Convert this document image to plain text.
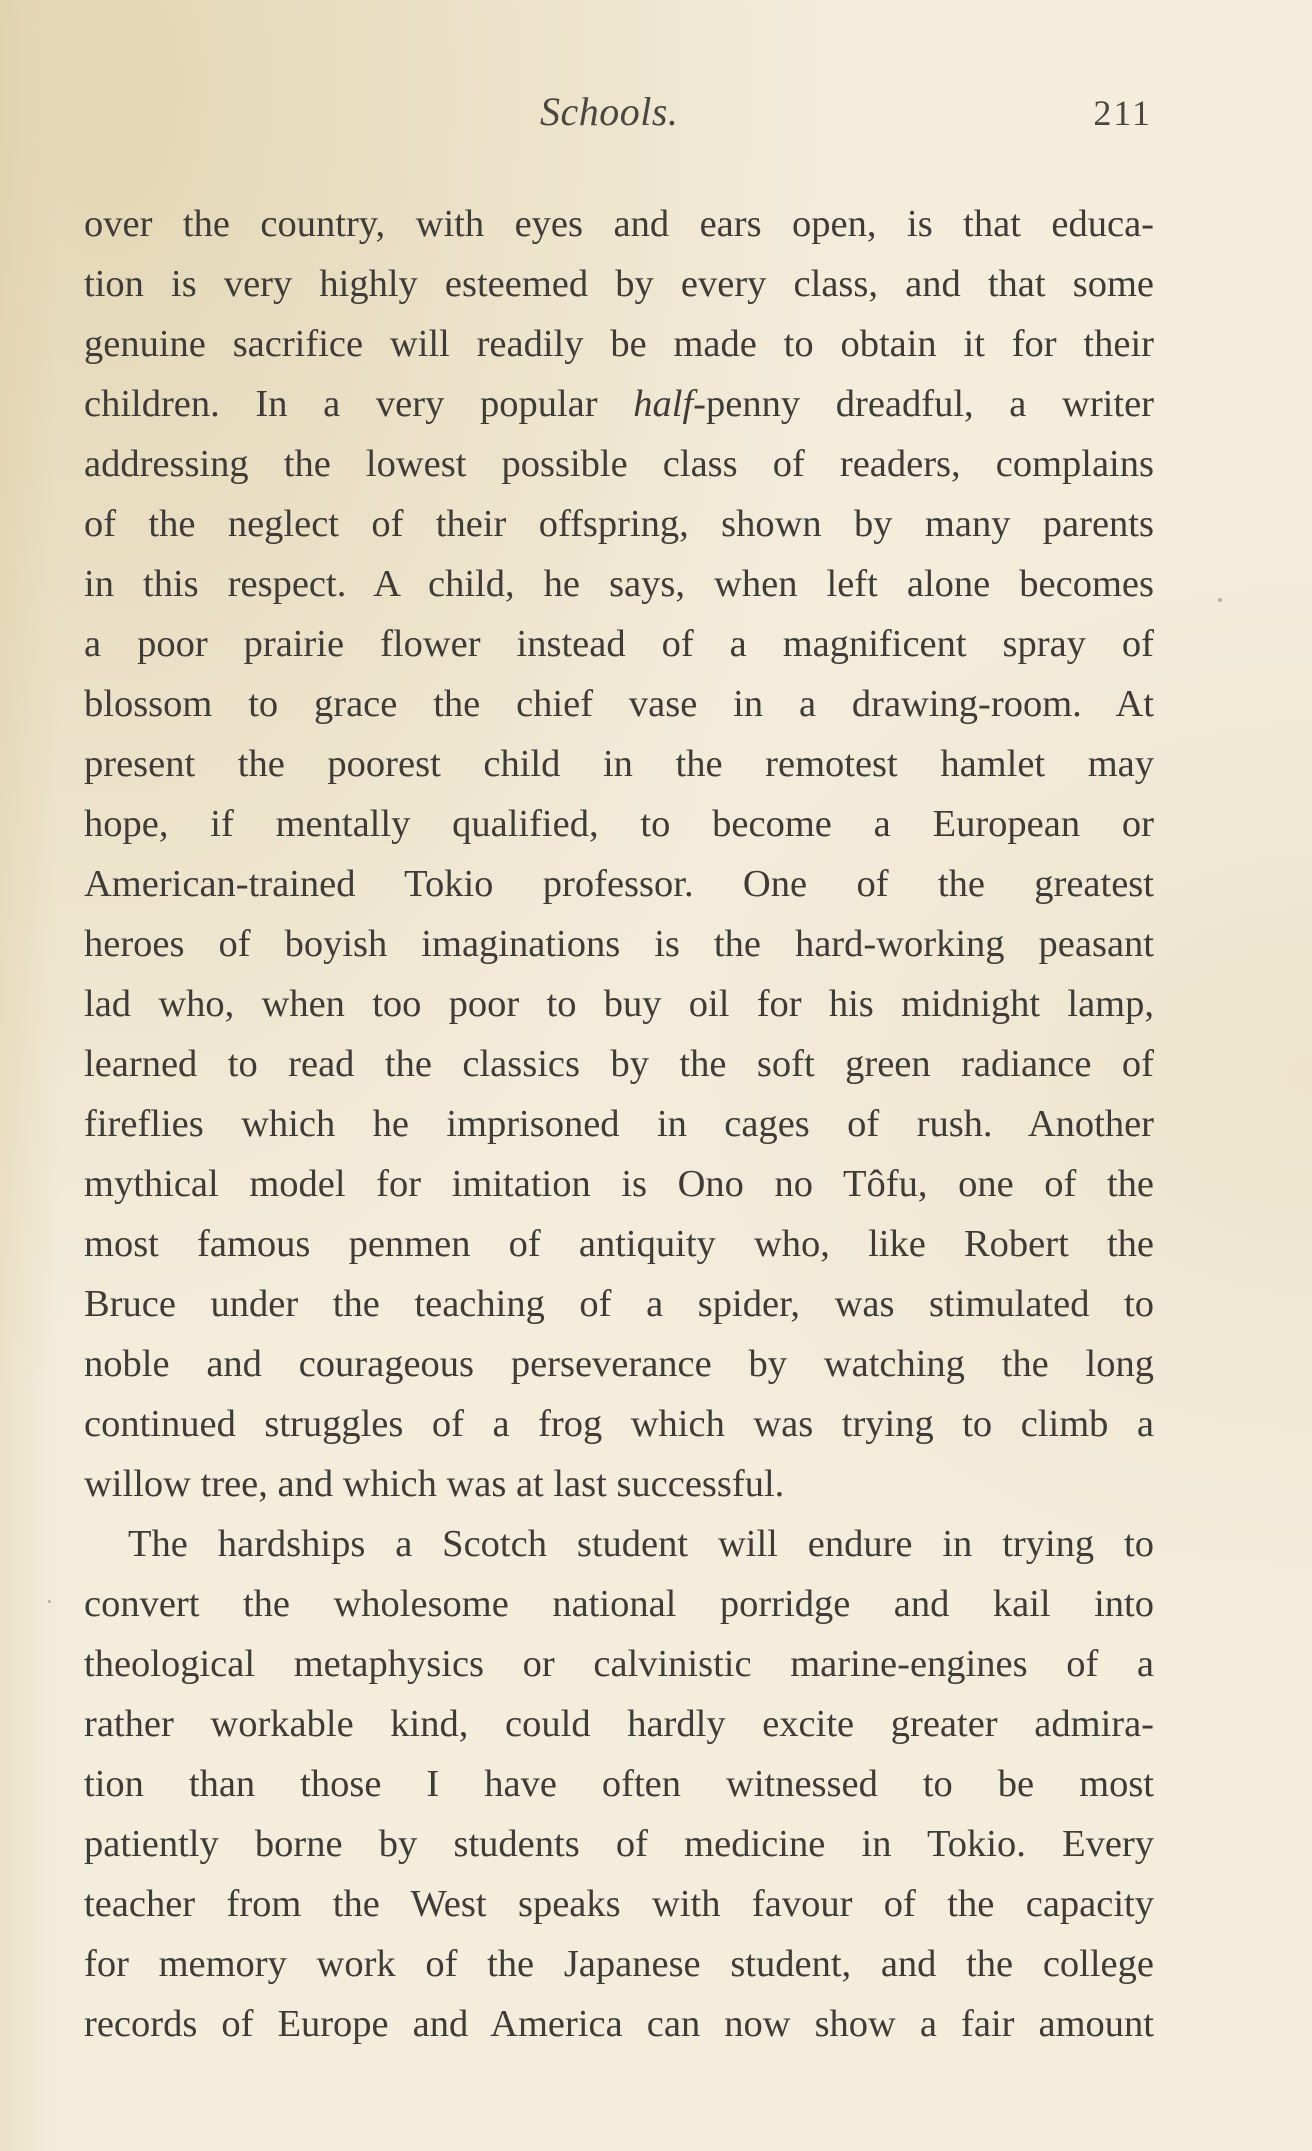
Schools.	211
over the country, with eyes and ears open, is that educa-
tion is very highly esteemed by every class, and that some
genuine sacrifice will readily be made to obtain it for their
children. In a very popular half-penny dreadful, a writer
addressing the lowest possible class of readers, complains
of the neglect of their offspring, shown by many parents
in this respect. A child, he says, when left alone becomes
a poor prairie flower instead of a magnificent spray of
blossom to grace the chief vase in a drawing-room. At
present the poorest child in the remotest hamlet may
hope, if mentally qualified, to become a European or
American-trained Tokio professor. One of the greatest
heroes of boyish imaginations is the hard-working peasant
lad who, when too poor to buy oil for his midnight lamp,
learned to read the classics by the soft green radiance of
fireflies which he imprisoned in cages of rush. Another
mythical model for imitation is Ono no Tôfu, one of the
most famous penmen of antiquity who, like Robert the
Bruce under the teaching of a spider, was stimulated to
noble and courageous perseverance by watching the long
continued struggles of a frog which was trying to climb a
willow tree, and which was at last successful.
The hardships a Scotch student will endure in trying to
convert the wholesome national porridge and kail into
theological metaphysics or calvinistic marine-engines of a
rather workable kind, could hardly excite greater admira-
tion than those I have often witnessed to be most
patiently borne by students of medicine in Tokio. Every
teacher from the West speaks with favour of the capacity
for memory work of the Japanese student, and the college
records of Europe and America can now show a fair amount
